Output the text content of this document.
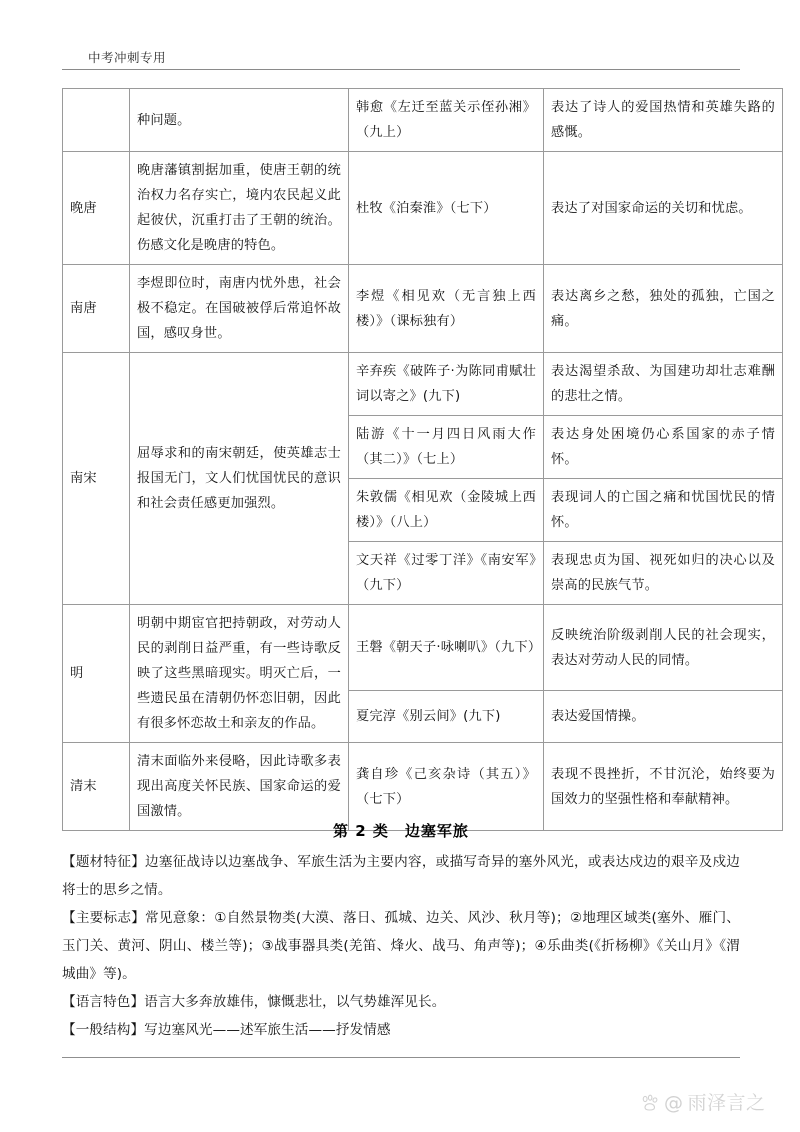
中考冲刺专用
	种问题。	韩愈《左迁至蓝关示侄孙湘》（九上）	表达了诗人的爱国热情和英雄失路的感慨。
晚唐	晚唐藩镇割据加重，使唐王朝的统治权力名存实亡，境内农民起义此起彼伏，沉重打击了王朝的统治。伤感文化是晚唐的特色。	杜牧《泊秦淮》（七下）	表达了对国家命运的关切和忧虑。
南唐	李煜即位时，南唐内忧外患，社会极不稳定。在国破被俘后常追怀故国，感叹身世。	李煜《相见欢（无言独上西楼）》（课标独有）	表达离乡之愁，独处的孤独，亡国之痛。
南宋	屈辱求和的南宋朝廷，使英雄志士报国无门，文人们忧国忧民的意识和社会责任感更加强烈。	辛弃疾《破阵子·为陈同甫赋壮词以寄之》(九下)	表达渴望杀敌、为国建功却壮志难酬的悲壮之情。
		陆游《十一月四日风雨大作（其二）》（七上）	表达身处困境仍心系国家的赤子情怀。
		朱敦儒《相见欢（金陵城上西楼）》（八上）	表现词人的亡国之痛和忧国忧民的情怀。
		文天祥《过零丁洋》《南安军》（九下）	表现忠贞为国、视死如归的决心以及崇高的民族气节。
明	明朝中期宦官把持朝政，对劳动人民的剥削日益严重，有一些诗歌反映了这些黑暗现实。明灭亡后，一些遗民虽在清朝仍怀恋旧朝，因此有很多怀恋故土和亲友的作品。	王磐《朝天子·咏喇叭》（九下）	反映统治阶级剥削人民的社会现实，表达对劳动人民的同情。
		夏完淳《别云间》(九下)	表达爱国情操。
清末	清末面临外来侵略，因此诗歌多表现出高度关怀民族、国家命运的爱国激情。	龚自珍《己亥杂诗（其五）》（七下）	表现不畏挫折，不甘沉沦，始终要为国效力的坚强性格和奉献精神。
第 2 类　边塞军旅
【题材特征】边塞征战诗以边塞战争、军旅生活为主要内容，或描写奇异的塞外风光，或表达戍边的艰辛及戍边将士的思乡之情。
【主要标志】常见意象：①自然景物类(大漠、落日、孤城、边关、风沙、秋月等)；②地理区域类(塞外、雁门、玉门关、黄河、阴山、楼兰等)；③战事器具类(羌笛、烽火、战马、角声等)；④乐曲类(《折杨柳》《关山月》《渭城曲》等)。
【语言特色】语言大多奔放雄伟，慷慨悲壮，以气势雄浑见长。
【一般结构】写边塞风光——述军旅生活——抒发情感
@ 雨泽言之
